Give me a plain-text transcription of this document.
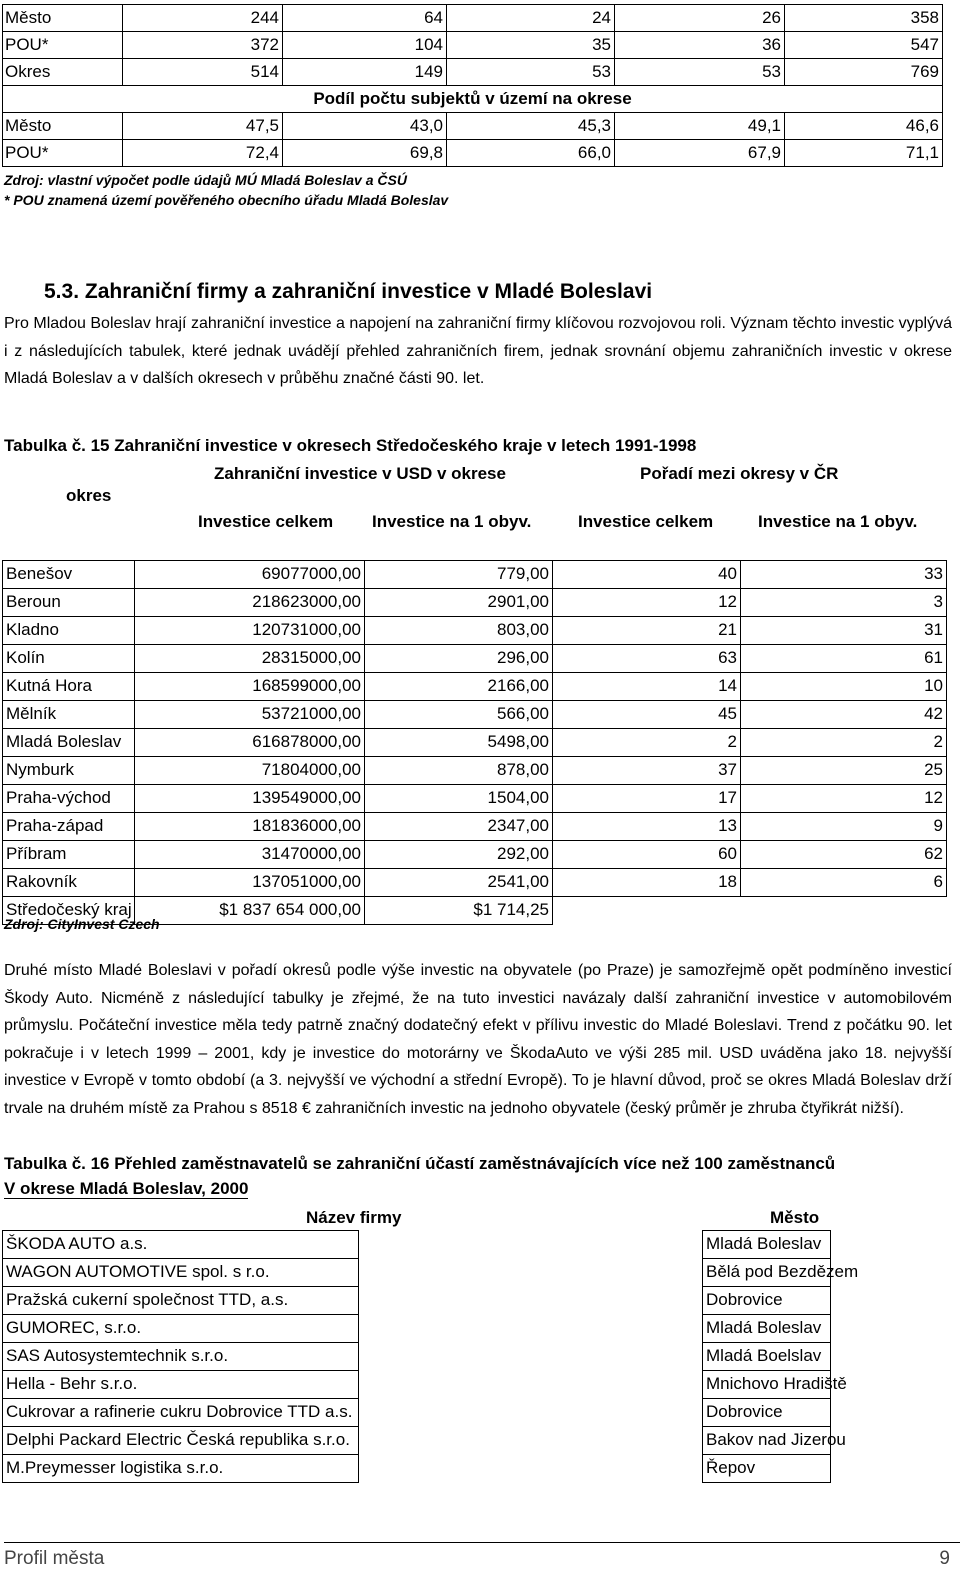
Město	244	64	24	26	358
POU*	372	104	35	36	547
Okres	514	149	53	53	769
Podíl počtu subjektů v území na okrese					
Město	47,5	43,0	45,3	49,1	46,6
POU*	72,4	69,8	66,0	67,9	71,1
Zdroj: vlastní výpočet podle údajů MÚ Mladá Boleslav a ČSÚ
* POU znamená území pověřeného obecního úřadu Mladá Boleslav
5.3. Zahraniční firmy a zahraniční investice v Mladé Boleslavi

Pro Mladou Boleslav hrají zahraniční investice a napojení na zahraniční firmy klíčovou rozvojovou roli. Význam těchto investic vyplývá i z následujících tabulek, které jednak uvádějí přehled zahraničních firem, jednak srovnání objemu zahraničních investic v okrese Mladá Boleslav a v dalších okresech v průběhu značné části 90. let.

Tabulka č. 15 Zahraniční investice v okresech Středočeského kraje v letech 1991-1998

okres
Zahraniční investice v USD v okrese	Pořadí mezi okresy v ČR
Investice celkem Investice na 1 obyv.	Investice celkem	Investice na 1 obyv.
Benešov	69077000,00	779,00	40	33
Beroun	218623000,00	2901,00	12	3
Kladno	120731000,00	803,00	21	31
Kolín	28315000,00	296,00	63	61
Kutná Hora	168599000,00	2166,00	14	10
Mělník	53721000,00	566,00	45	42
Mladá Boleslav	616878000,00	5498,00	2	2
Nymburk	71804000,00	878,00	37	25
Praha-východ	139549000,00	1504,00	17	12
Praha-západ	181836000,00	2347,00	13	9
Příbram	31470000,00	292,00	60	62
Rakovník	137051000,00	2541,00	18	6
Středočeský kraj	$1 837 654 000,00	$1 714,25		
Zdroj: CityInvest Czech

Druhé místo Mladé Boleslavi v pořadí okresů podle výše investic na obyvatele (po Praze) je samozřejmě opět podmíněno investicí Škody Auto. Nicméně z následující tabulky je zřejmé, že na tuto investici navázaly další zahraniční investice v automobilovém průmyslu. Počáteční investice měla tedy patrně značný dodatečný efekt v přílivu investic do Mladé Boleslavi. Trend z počátku 90. let pokračuje i v letech 1999 – 2001, kdy je investice do motorárny ve ŠkodaAuto ve výši 285 mil. USD uváděna jako 18. nejvyšší investice v Evropě v tomto období (a 3. nejvyšší ve východní a střední Evropě). To je hlavní důvod, proč se okres Mladá Boleslav drží trvale na druhém místě za Prahou s 8518 € zahraničních investic na jednoho obyvatele (český průměr je zhruba čtyřikrát nižší).

Tabulka č. 16 Přehled zaměstnavatelů se zahraniční účastí zaměstnávajících více než 100 zaměstnanců

V okrese Mladá Boleslav, 2000

Název firmy	Město
ŠKODA AUTO a.s.		Mladá Boleslav
WAGON AUTOMOTIVE spol. s r.o.		Bělá pod Bezdězem
Pražská cukerní společnost TTD, a.s.		Dobrovice
GUMOREC, s.r.o.		Mladá Boleslav
SAS Autosystemtechnik s.r.o.		Mladá Boelslav
Hella - Behr s.r.o.		Mnichovo Hradiště
Cukrovar a rafinerie cukru Dobrovice TTD a.s.		Dobrovice
Delphi Packard Electric Česká republika s.r.o.		Bakov nad Jizerou
M.Preymesser logistika s.r.o.		Řepov
Profil města	9
